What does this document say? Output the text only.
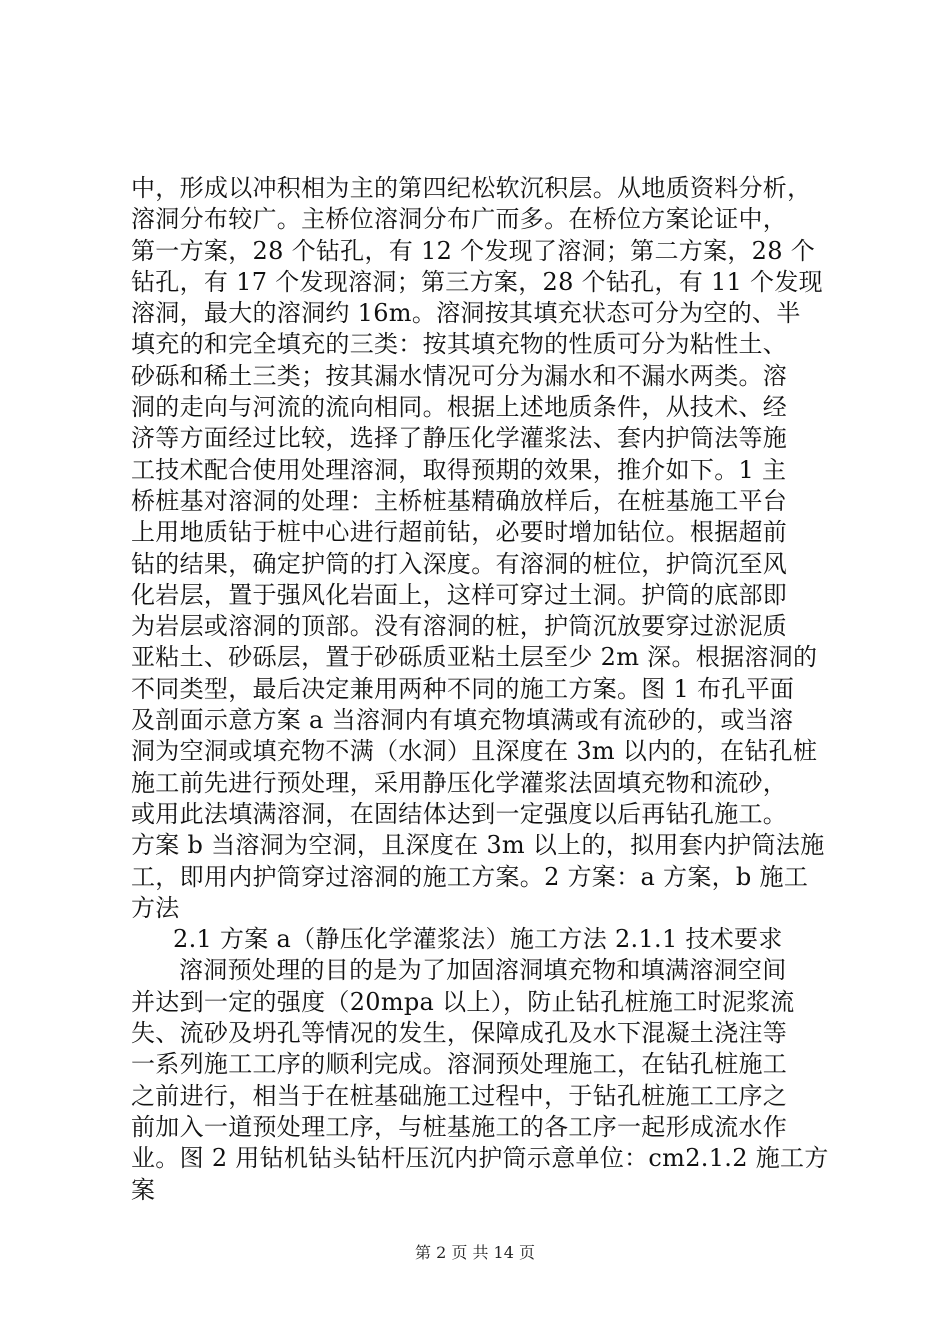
中，形成以冲积相为主的第四纪松软沉积层。从地质资料分析，
溶洞分布较广。主桥位溶洞分布广而多。在桥位方案论证中，
第一方案，28 个钻孔，有 12 个发现了溶洞；第二方案，28 个
钻孔，有 17 个发现溶洞；第三方案，28 个钻孔，有 11 个发现
溶洞，最大的溶洞约 16m。溶洞按其填充状态可分为空的、半
填充的和完全填充的三类：按其填充物的性质可分为粘性土、
砂砾和稀土三类；按其漏水情况可分为漏水和不漏水两类。溶
洞的走向与河流的流向相同。根据上述地质条件，从技术、经
济等方面经过比较，选择了静压化学灌浆法、套内护筒法等施
工技术配合使用处理溶洞，取得预期的效果，推介如下。1 主
桥桩基对溶洞的处理：主桥桩基精确放样后，在桩基施工平台
上用地质钻于桩中心进行超前钻，必要时增加钻位。根据超前
钻的结果，确定护筒的打入深度。有溶洞的桩位，护筒沉至风
化岩层，置于强风化岩面上，这样可穿过土洞。护筒的底部即
为岩层或溶洞的顶部。没有溶洞的桩，护筒沉放要穿过淤泥质
亚粘土、砂砾层，置于砂砾质亚粘土层至少 2m 深。根据溶洞的
不同类型，最后决定兼用两种不同的施工方案。图 1 布孔平面
及剖面示意方案 a 当溶洞内有填充物填满或有流砂的，或当溶
洞为空洞或填充物不满（水洞）且深度在 3m 以内的，在钻孔桩
施工前先进行预处理，采用静压化学灌浆法固填充物和流砂，
或用此法填满溶洞，在固结体达到一定强度以后再钻孔施工。
方案 b 当溶洞为空洞，且深度在 3m 以上的，拟用套内护筒法施
工，即用内护筒穿过溶洞的施工方案。2 方案：a 方案，b 施工
方法
2.1 方案 a（静压化学灌浆法）施工方法 2.1.1 技术要求
溶洞预处理的目的是为了加固溶洞填充物和填满溶洞空间
并达到一定的强度（20mpa 以上），防止钻孔桩施工时泥浆流
失、流砂及坍孔等情况的发生，保障成孔及水下混凝土浇注等
一系列施工工序的顺利完成。溶洞预处理施工，在钻孔桩施工
之前进行，相当于在桩基础施工过程中，于钻孔桩施工工序之
前加入一道预处理工序，与桩基施工的各工序一起形成流水作
业。图 2 用钻机钻头钻杆压沉内护筒示意单位：cm2.1.2 施工方
案
第 2 页 共 14 页
